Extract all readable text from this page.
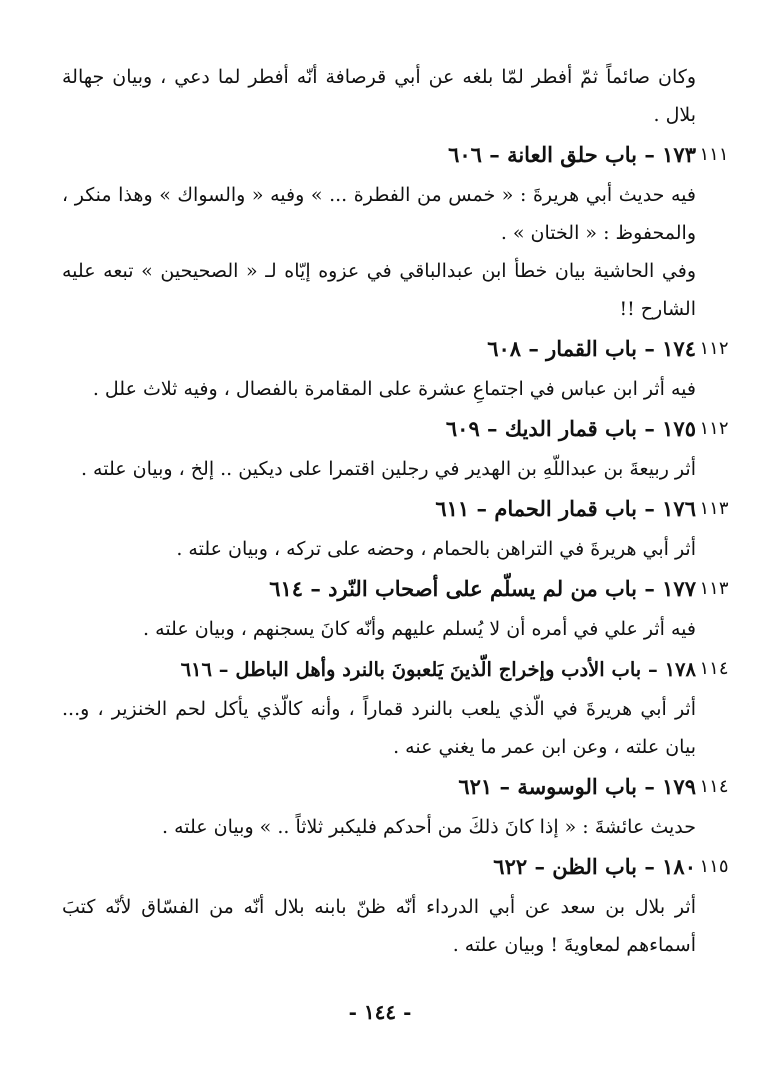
وكان صائماً ثمّ أفطر لمّا بلغه عن أبي قرصافة أنّه أفطر لما دعي ، وبيان جهالة بلال .

١١١
١٧٣ – باب حلق العانة – ٦٠٦

فيه حديث أبي هريرةَ : « خمس من الفطرة ... » وفيه « والسواك » وهذا منكر ، والمحفوظ : « الختان » .

وفي الحاشية بيان خطأ ابن عبدالباقي في عزوه إيّاه لـ « الصحيحين » تبعه عليه الشارح !!

١١٢
١٧٤ – باب القمار – ٦٠٨

فيه أثر ابن عباس في اجتماعِ عشرة على المقامرة بالفصال ، وفيه ثلاث علل .

١١٢
١٧٥ – باب قمار الديك – ٦٠٩

أثر ربيعةَ بن عبداللّهِ بن الهدير في رجلين اقتمرا على ديكين .. إلخ ، وبيان علته .

١١٣
١٧٦ – باب قمار الحمام – ٦١١

أثر أبي هريرةَ في التراهن بالحمام ، وحضه على تركه ، وبيان علته .

١١٣
١٧٧ – باب من لم يسلّم على أصحاب النّرد – ٦١٤

فيه أثر علي في أمره أن لا يُسلم عليهم وأنّه كانَ يسجنهم ، وبيان علته .

١١٤
١٧٨ – باب الأدب وإخراج الّذينَ يَلعبونَ بالنرد وأهل الباطل – ٦١٦

أثر أبي هريرةَ في الّذي يلعب بالنرد قماراً ، وأنه كالّذي يأكل لحم الخنزير ، و... بيان علته ، وعن ابن عمر ما يغني عنه .

١١٤
١٧٩ – باب الوسوسة – ٦٢١

حديث عائشةَ : « إذا كانَ ذلكَ من أحدكم فليكبر ثلاثاً .. » وبيان علته .

١١٥
١٨٠ – باب الظن – ٦٢٢

أثر بلال بن سعد عن أبي الدرداء أنّه ظنّ بابنه بلال أنّه من الفسّاق لأنّه كتبَ أسماءهم لمعاويةَ ! وبيان علته .

- ١٤٤ -
